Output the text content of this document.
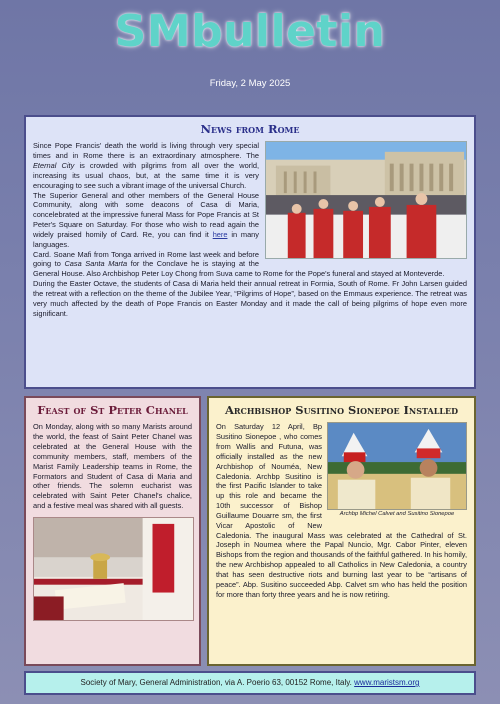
SMbulletin
Friday, 2 May 2025
News from Rome

Since Pope Francis' death the world is living through very special times and in Rome there is an extraordinary atmosphere. The Eternal City is crowded with pilgrims from all over the world, increasing its usual chaos, but, at the same time it is very encouraging to see such a vibrant image of the universal Church.

The Superior General and other members of the General House Community, along with some deacons of Casa di Maria, concelebrated at the impressive funeral Mass for Pope Francis at St Peter's Square on Saturday. For those who wish to read again the widely praised homily of Card. Re, you can find it here in many languages.

Card. Soane Mafi from Tonga arrived in Rome last week and before going to Casa Santa Marta for the Conclave he is staying at the General House. Also Archbishop Peter Loy Chong from Suva came to Rome for the Pope's funeral and stayed at Monteverde.

During the Easter Octave, the students of Casa di Maria held their annual retreat in Formia, South of Rome. Fr John Larsen guided the retreat with a reflection on the theme of the Jubilee Year, “Pilgrims of Hope”, based on the Emmaus experience. The retreat was very much affected by the death of Pope Francis on Easter Monday and it made the call of being pilgrims of hope even more significant.

Feast of St Peter Chanel

On Monday, along with so many Marists around the world, the feast of Saint Peter Chanel was celebrated at the General House with the community members, staff, members of the Marist Family Leadership teams in Rome, the Formators and Student of Casa di Maria and other friends. The solemn eucharist was celebrated with Saint Peter Chanel's chalice, and a festive meal was shared with all guests.

Archbishop Susitino Sionepoe Installed
Archbp Michel Calvet and Susitino Sionepoe

On Saturday 12 April, Bp Susitino Sionepoe , who comes from Wallis and Futuna, was officially installed as the new Archbishop of Nouméa, New Caledonia. Archbp Susitino is the first Pacific Islander to take up this role and became the 10th successor of Bishop Guillaume Douarre sm, the first Vicar Apostolic of New Caledonia. The inaugural Mass was celebrated at the Cathedral of St. Joseph in Noumea where the Papal Nuncio, Mgr. Cabor Pinter, eleven Bishops from the region and thousands of the faithful gathered. In his homily, the new Archbishop appealed to all Catholics in New Caledonia, a country that has seen destructive riots and burning last year to be “artisans of peace”. Abp. Susitino succeeded Abp. Calvet sm who has held the position for more than forty three years and he is now retiring.

Society of Mary, General Administration, via A. Poerio 63, 00152 Rome, Italy. www.maristsm.org
